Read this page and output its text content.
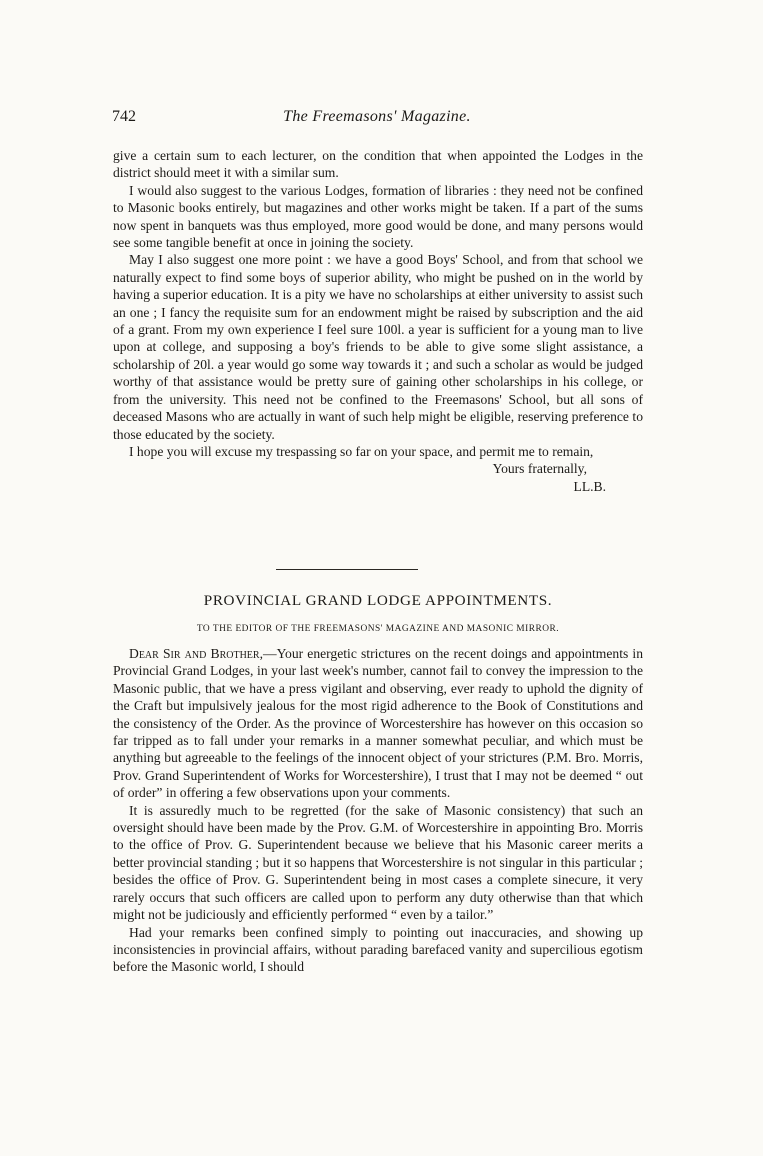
742	The Freemasons' Magazine.

give a certain sum to each lecturer, on the condition that when appointed the Lodges in the district should meet it with a similar sum.

I would also suggest to the various Lodges, formation of libraries : they need not be confined to Masonic books entirely, but magazines and other works might be taken. If a part of the sums now spent in banquets was thus employed, more good would be done, and many persons would see some tangible benefit at once in joining the society.

May I also suggest one more point : we have a good Boys' School, and from that school we naturally expect to find some boys of superior ability, who might be pushed on in the world by having a superior education. It is a pity we have no scholarships at either university to assist such an one ; I fancy the requisite sum for an endowment might be raised by subscription and the aid of a grant. From my own experience I feel sure 100l. a year is sufficient for a young man to live upon at college, and supposing a boy's friends to be able to give some slight assistance, a scholarship of 20l. a year would go some way towards it ; and such a scholar as would be judged worthy of that assistance would be pretty sure of gaining other scholarships in his college, or from the university. This need not be confined to the Freemasons' School, but all sons of deceased Masons who are actually in want of such help might be eligible, reserving preference to those educated by the society.

I hope you will excuse my trespassing so far on your space, and permit me to remain,

Yours fraternally,
LL.B.
PROVINCIAL GRAND LODGE APPOINTMENTS.
TO THE EDITOR OF THE FREEMASONS' MAGAZINE AND MASONIC MIRROR.

Dear Sir and Brother,—Your energetic strictures on the recent doings and appointments in Provincial Grand Lodges, in your last week's number, cannot fail to convey the impression to the Masonic public, that we have a press vigilant and observing, ever ready to uphold the dignity of the Craft but impulsively jealous for the most rigid adherence to the Book of Constitutions and the consistency of the Order. As the province of Worcestershire has however on this occasion so far tripped as to fall under your remarks in a manner somewhat peculiar, and which must be anything but agreeable to the feelings of the innocent object of your strictures (P.M. Bro. Morris, Prov. Grand Superintendent of Works for Worcestershire), I trust that I may not be deemed “ out of order” in offering a few observations upon your comments.

It is assuredly much to be regretted (for the sake of Masonic consistency) that such an oversight should have been made by the Prov. G.M. of Worcestershire in appointing Bro. Morris to the office of Prov. G. Superintendent because we believe that his Masonic career merits a better provincial standing ; but it so happens that Worcestershire is not singular in this particular ; besides the office of Prov. G. Superintendent being in most cases a complete sinecure, it very rarely occurs that such officers are called upon to perform any duty otherwise than that which might not be judiciously and efficiently performed “ even by a tailor.”

Had your remarks been confined simply to pointing out inaccuracies, and showing up inconsistencies in provincial affairs, without parading barefaced vanity and supercilious egotism before the Masonic world, I should
